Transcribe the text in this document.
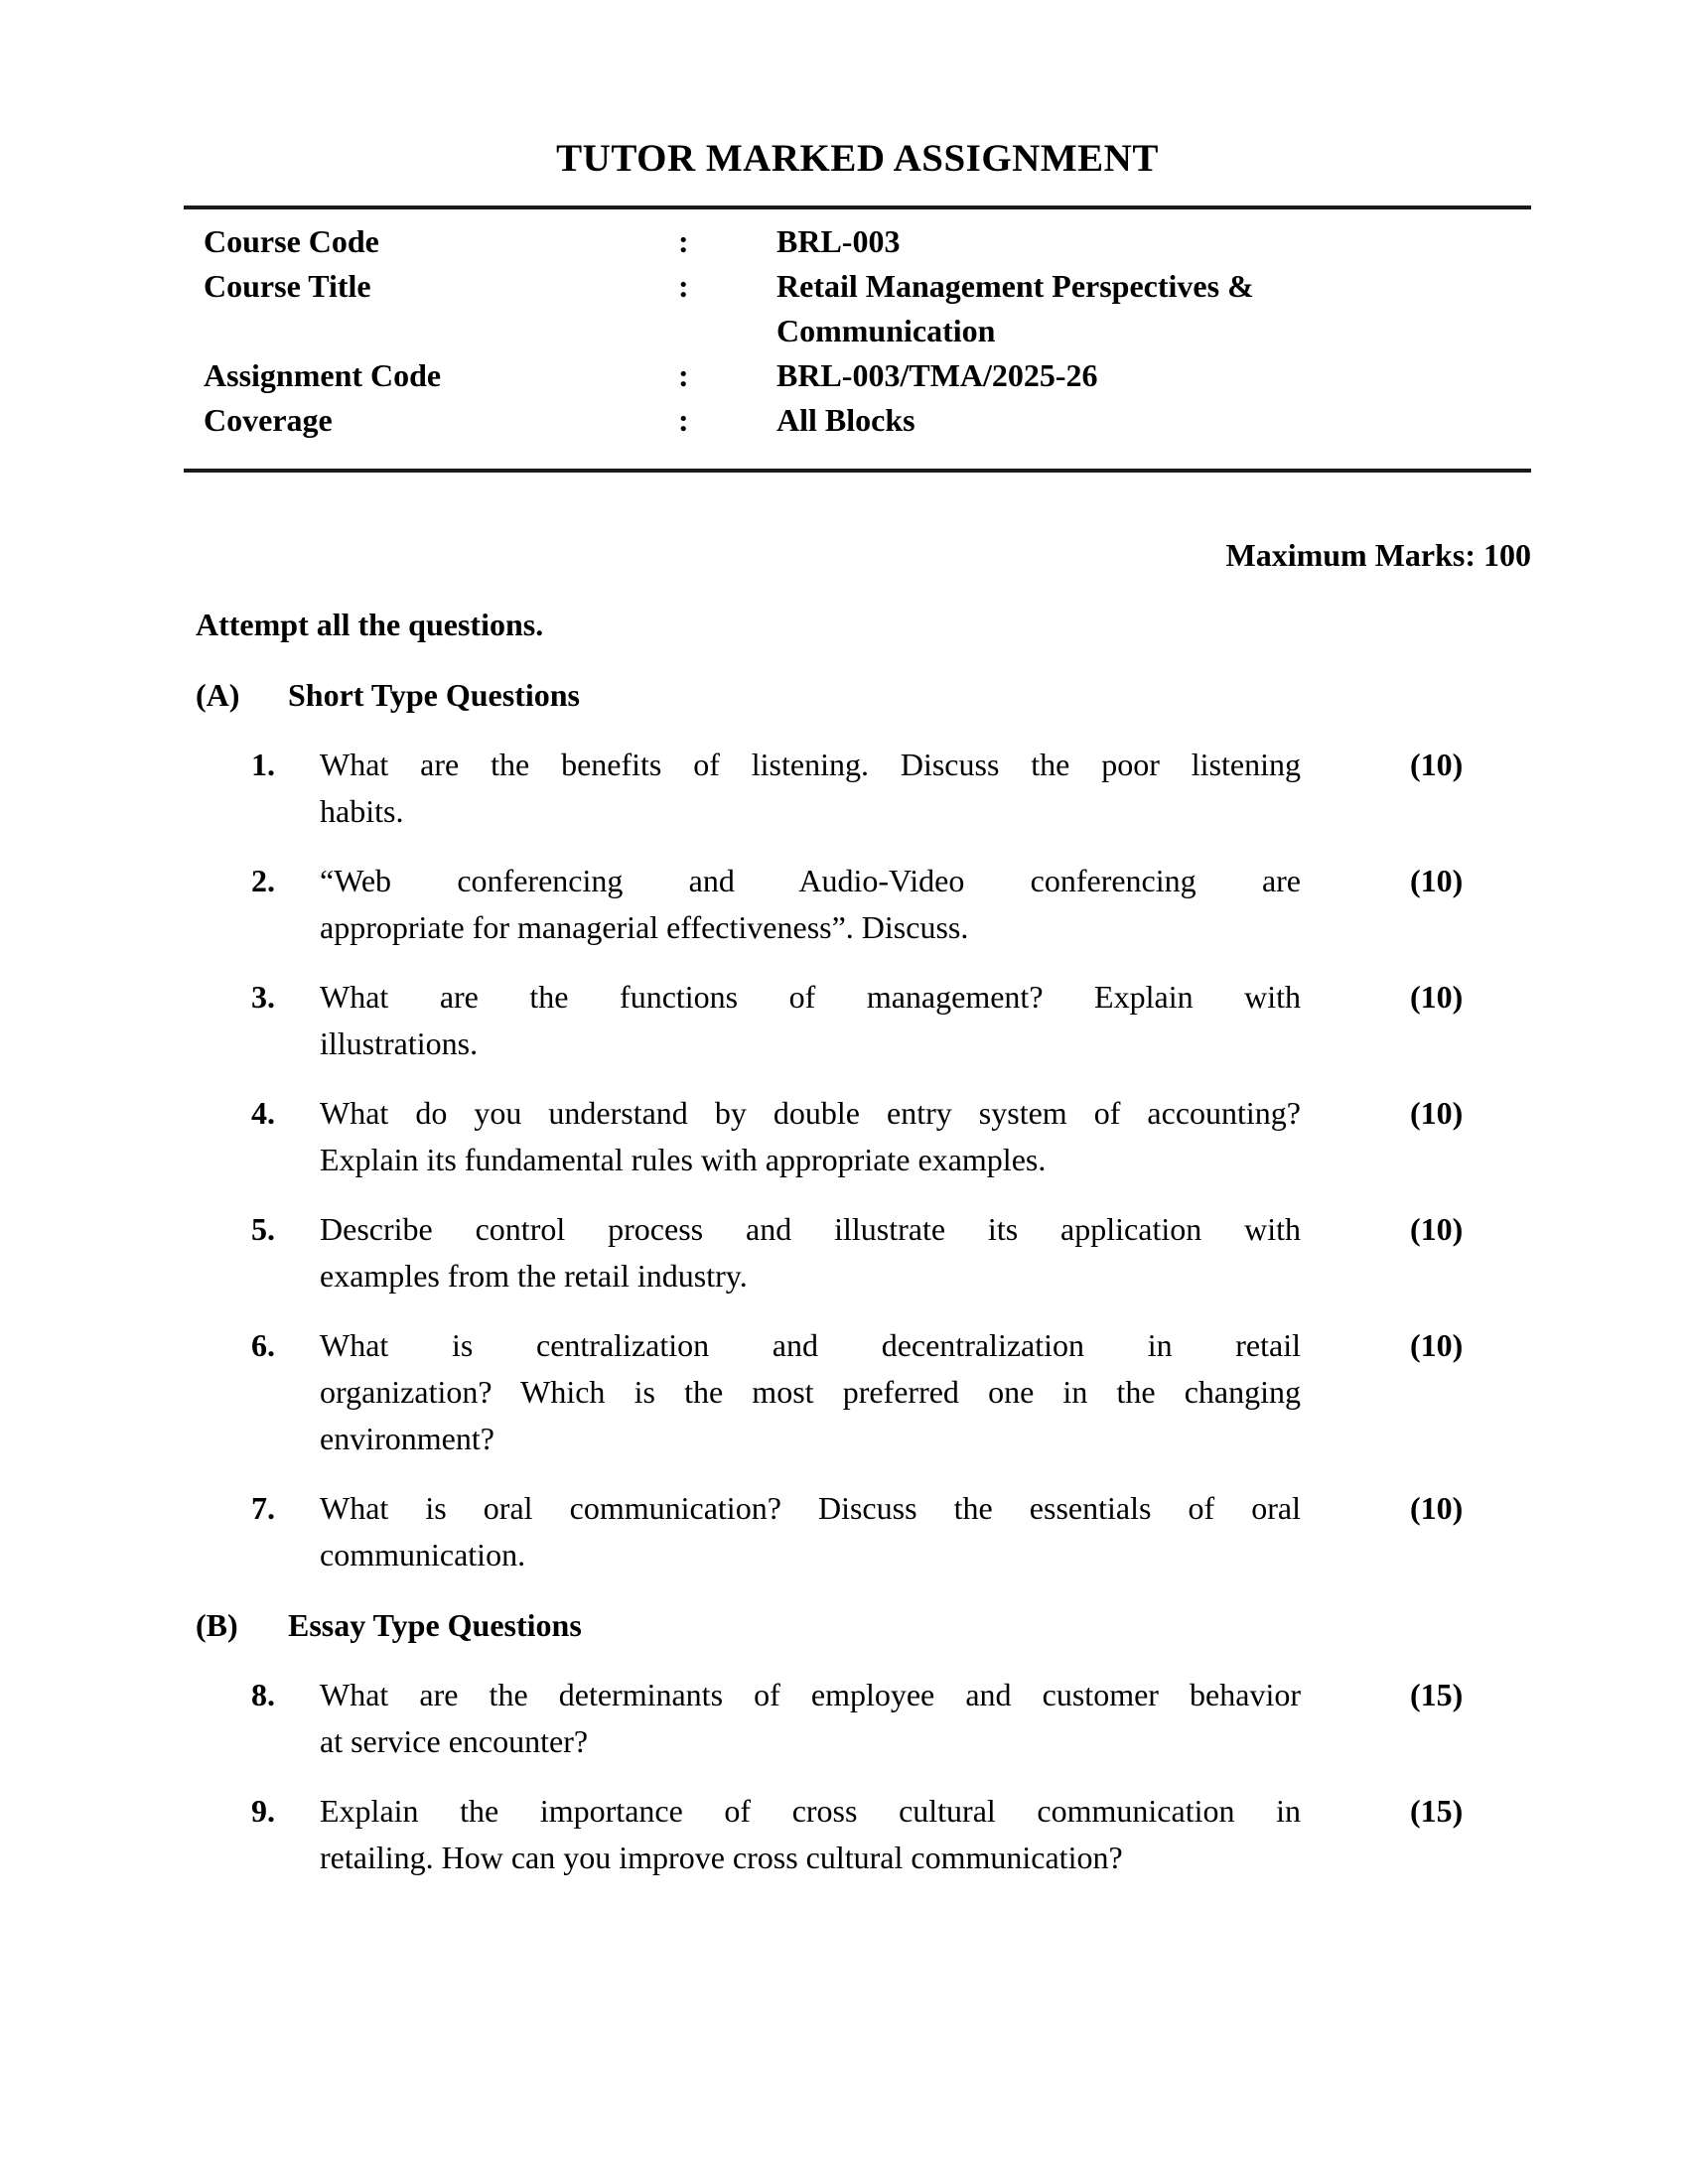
TUTOR MARKED ASSIGNMENT
Course Code	:	BRL-003
Course Title	:	Retail Management Perspectives &
Communication
Assignment Code	:	BRL-003/TMA/2025-26
Coverage	:	All Blocks
Maximum Marks: 100
Attempt all the questions.
(A)	Short Type Questions
1.	What are the benefits of listening. Discuss the poor listening
habits.
(10)
2.	“Web conferencing and Audio-Video conferencing are
appropriate for managerial effectiveness”. Discuss.
(10)
3.	What are the functions of management? Explain with
illustrations.
(10)
4.	What do you understand by double entry system of accounting?
Explain its fundamental rules with appropriate examples.
(10)
5.	Describe control process and illustrate its application with
examples from the retail industry.
(10)
6.	What is centralization and decentralization in retail
organization? Which is the most preferred one in the changing
environment?
(10)
7.	What is oral communication? Discuss the essentials of oral
communication.
(10)
(B)	Essay Type Questions
8.	What are the determinants of employee and customer behavior
at service encounter?
(15)
9.	Explain the importance of cross cultural communication in
retailing. How can you improve cross cultural communication?
(15)
